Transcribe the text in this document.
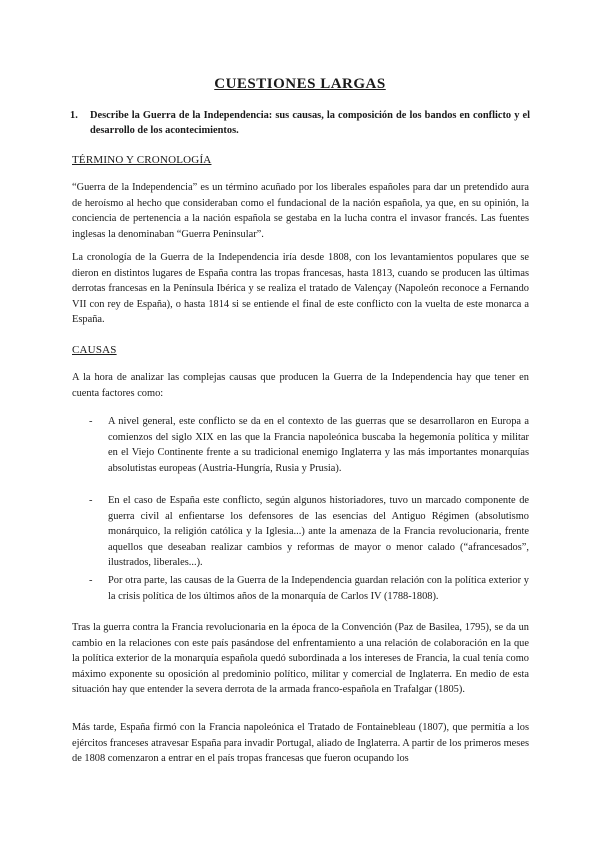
CUESTIONES LARGAS
1. Describe la Guerra de la Independencia: sus causas, la composición de los bandos en conflicto y el desarrollo de los acontecimientos.
TÉRMINO Y CRONOLOGÍA
“Guerra de la Independencia” es un término acuñado por los liberales españoles para dar un pretendido aura de heroísmo al hecho que consideraban como el fundacional de la nación española, ya que, en su opinión, la conciencia de pertenencia a la nación española se gestaba en la lucha contra el invasor francés. Las fuentes inglesas la denominaban “Guerra Peninsular”.
La cronología de la Guerra de la Independencia iría desde 1808, con los levantamientos populares que se dieron en distintos lugares de España contra las tropas francesas, hasta 1813, cuando se producen las últimas derrotas francesas en la Península Ibérica y se realiza el tratado de Valençay (Napoleón reconoce a Fernando VII con rey de España), o hasta 1814 si se entiende el final de este conflicto con la vuelta de este monarca a España.
CAUSAS
A la hora de analizar las complejas causas que producen la Guerra de la Independencia hay que tener en cuenta factores como:
- A nivel general, este conflicto se da en el contexto de las guerras que se desarrollaron en Europa a comienzos del siglo XIX en las que la Francia napoleónica buscaba la hegemonía política y militar en el Viejo Continente frente a su tradicional enemigo Inglaterra y las más importantes monarquías absolutistas europeas (Austria-Hungría, Rusia y Prusia).
- En el caso de España este conflicto, según algunos historiadores, tuvo un marcado componente de guerra civil al enfientarse los defensores de las esencias del Antiguo Régimen (absolutismo monárquico, la religión católica y la Iglesia...) ante la amenaza de la Francia revolucionaria, frente aquellos que deseaban realizar cambios y reformas de mayor o menor calado (“afrancesados”, ilustrados, liberales...).
- Por otra parte, las causas de la Guerra de la Independencia guardan relación con la política exterior y la crisis política de los últimos años de la monarquía de Carlos IV (1788-1808).
Tras la guerra contra la Francia revolucionaria en la época de la Convención (Paz de Basilea, 1795), se da un cambio en la relaciones con este país pasándose del enfrentamiento a una relación de colaboración en la que la política exterior de la monarquía española quedó subordinada a los intereses de Francia, la cual tenía como máximo exponente su oposición al predominio político, militar y comercial de Inglaterra. En medio de esta situación hay que entender la severa derrota de la armada franco-española en Trafalgar (1805).
Más tarde, España firmó con la Francia napoleónica el Tratado de Fontainebleau (1807), que permitía a los ejércitos franceses atravesar España para invadir Portugal, aliado de Inglaterra. A partir de los primeros meses de 1808 comenzaron a entrar en el país tropas francesas que fueron ocupando los
